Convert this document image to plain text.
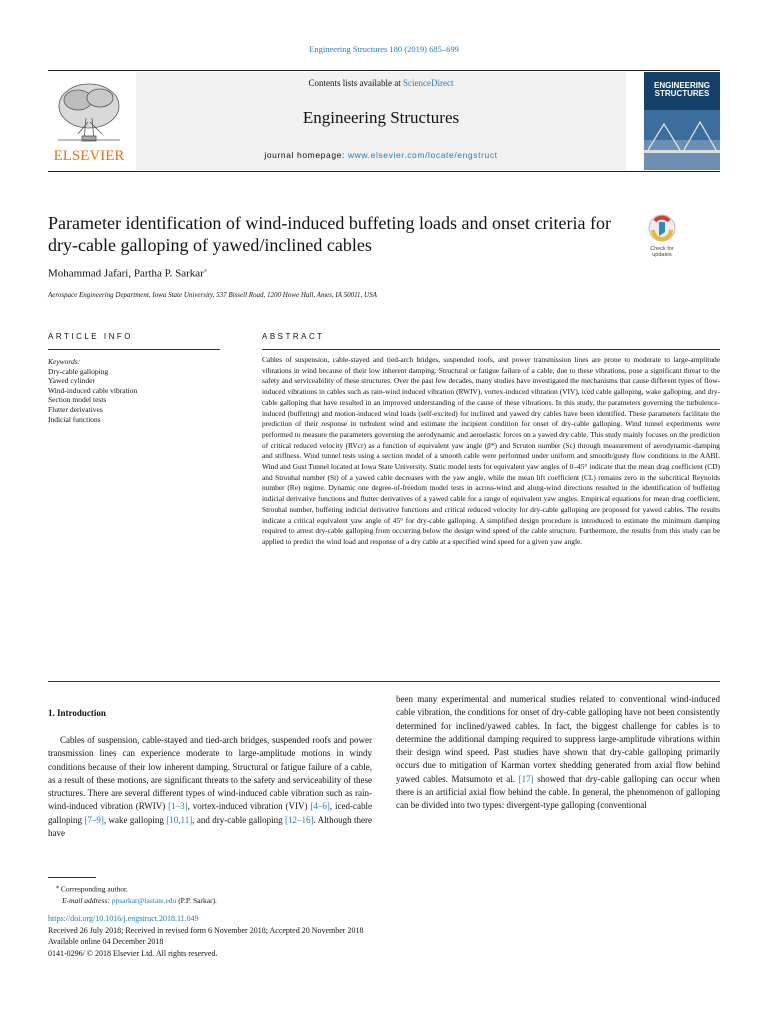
Engineering Structures 180 (2019) 685–699
ELSEVIER
Contents lists available at ScienceDirect
Engineering Structures
journal homepage: www.elsevier.com/locate/engstruct
ENGINEERING STRUCTURES
Parameter identification of wind-induced buffeting loads and onset criteria for dry-cable galloping of yawed/inclined cables	Check for
updates
Mohammad Jafari, Partha P. Sarkar⁎
Aerospace Engineering Department, Iowa State University, 537 Bissell Road, 1200 Howe Hall, Ames, IA 50011, USA
ARTICLE INFO	ABSTRACT
Keywords:
Dry-cable galloping
Yawed cylinder
Wind-induced cable vibration
Section model tests
Flutter derivatives
Indicial functions
Cables of suspension, cable-stayed and tied-arch bridges, suspended roofs, and power transmission lines are prone to moderate to large-amplitude vibrations in wind because of their low inherent damping. Structural or fatigue failure of a cable, due to these vibrations, pose a significant threat to the safety and serviceability of these structures. Over the past few decades, many studies have investigated the mechanisms that cause different types of flow-induced vibrations in cables such as rain-wind induced vibration (RWIV), vortex-induced vibration (VIV), iced cable galloping, wake galloping, and dry-cable galloping that have resulted in an improved understanding of the cause of these vibrations. In this study, the parameters governing the turbulence-induced (buffeting) and motion-induced wind loads (self-excited) for inclined and yawed dry cables have been identified. These parameters facilitate the prediction of their response in turbulent wind and estimate the incipient condition for onset of dry-cable galloping. Wind tunnel experiments were performed to measure the parameters governing the aerodynamic and aeroelastic forces on a yawed dry cable. This study mainly focuses on the prediction of critical reduced velocity (RVcr) as a function of equivalent yaw angle (β*) and Scruton number (Sc) through measurement of aerodynamic-damping and stiffness. Wind tunnel tests using a section model of a smooth cable were performed under uniform and smooth/gusty flow conditions in the AABL Wind and Gust Tunnel located at Iowa State University. Static model tests for equivalent yaw angles of 0–45° indicate that the mean drag coefficient (CD) and Strouhal number (St) of a yawed cable decreases with the yaw angle, while the mean lift coefficient (CL) remains zero in the subcritical Reynolds number (Re) regime. Dynamic one degree-of-freedom model tests in across-wind and along-wind directions resulted in the identification of buffeting indicial derivative functions and flutter derivatives of a yawed cable for a range of equivalent yaw angles. Empirical equations for mean drag coefficient, Strouhal number, buffeting indicial derivative functions and critical reduced velocity for dry-cable galloping are proposed for yawed cables. The results indicate a critical equivalent yaw angle of 45° for dry-cable galloping. A simplified design procedure is introduced to estimate the minimum damping required to arrest dry-cable galloping from occurring below the design wind speed of the cable structure. Furthermore, the results from this study can be applied to predict the wind load and response of a dry cable at a specified wind speed for a given yaw angle.
1. Introduction
Cables of suspension, cable-stayed and tied-arch bridges, suspended roofs and power transmission lines can experience moderate to large-amplitude motions in windy conditions because of their low inherent damping. Structural or fatigue failure of a cable, as a result of these motions, are significant threats to the safety and serviceability of these structures. There are several different types of wind-induced cable vibration such as rain-wind-induced vibration (RWIV) [1–3], vortex-induced vibration (VIV) [4–6], iced-cable galloping [7–9], wake galloping [10,11], and dry-cable galloping [12–16]. Although there have
been many experimental and numerical studies related to conventional wind-induced cable vibration, the conditions for onset of dry-cable galloping have not been consistently determined for inclined/yawed cables. In fact, the biggest challenge for cables is to determine the additional damping required to suppress large-amplitude vibrations within their design wind speed. Past studies have shown that dry-cable galloping primarily occurs due to mitigation of Karman vortex shedding generated from axial flow behind yawed cables. Matsumoto et al. [17] showed that dry-cable galloping can occur when there is an artificial axial flow behind the cable. In general, the phenomenon of galloping can be divided into two types: divergent-type galloping (conventional
⁎ Corresponding author.
E-mail address: ppsarkar@iastate.edu (P.P. Sarkar).
https://doi.org/10.1016/j.engstruct.2018.11.049
Received 26 July 2018; Received in revised form 6 November 2018; Accepted 20 November 2018
Available online 04 December 2018
0141-0296/ © 2018 Elsevier Ltd. All rights reserved.
